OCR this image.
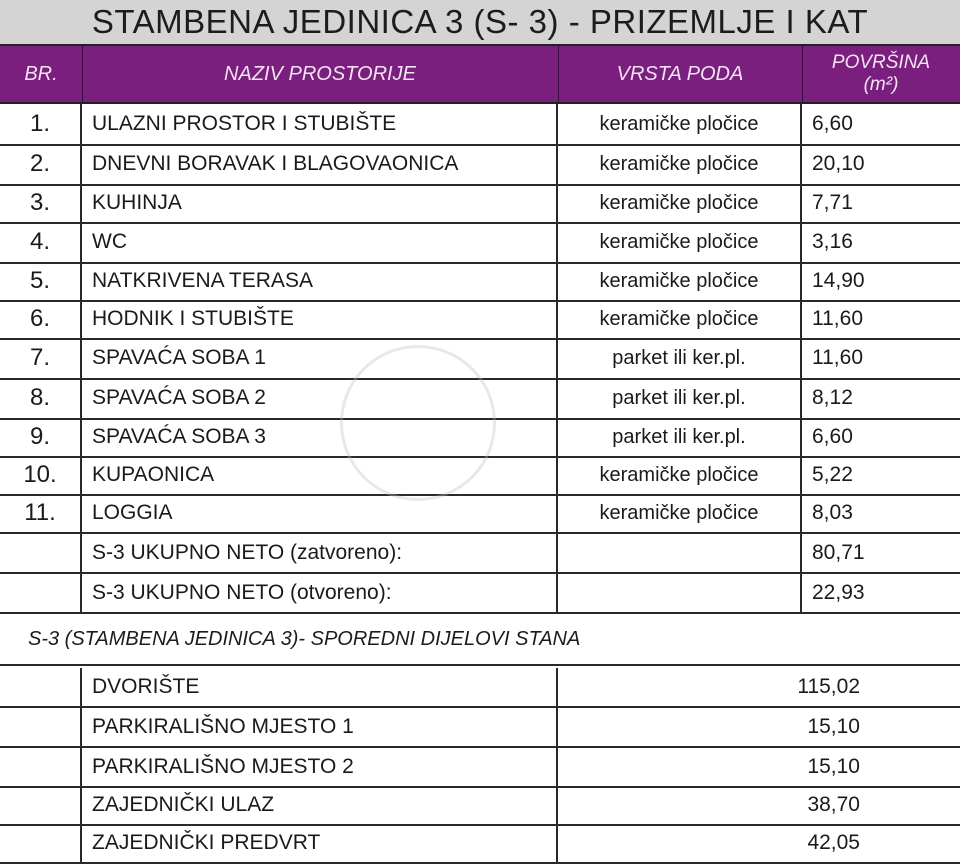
STAMBENA JEDINICA 3 (S- 3) - PRIZEMLJE I KAT
BR.	NAZIV PROSTORIJE	VRSTA PODA	POVRŠINA
(m²)
1.	ULAZNI PROSTOR I STUBIŠTE	keramičke pločice	6,60
2.	DNEVNI BORAVAK I BLAGOVAONICA	keramičke pločice	20,10
3.	KUHINJA	keramičke pločice	7,71
4.	WC	keramičke pločice	3,16
5.	NATKRIVENA TERASA	keramičke pločice	14,90
6.	HODNIK I STUBIŠTE	keramičke pločice	11,60
7.	SPAVAĆA SOBA 1	parket ili ker.pl.	11,60
8.	SPAVAĆA SOBA 2	parket ili ker.pl.	8,12
9.	SPAVAĆA SOBA 3	parket ili ker.pl.	6,60
10.	KUPAONICA	keramičke pločice	5,22
11.	LOGGIA	keramičke pločice	8,03
S-3 UKUPNO NETO (zatvoreno):	80,71
S-3 UKUPNO NETO (otvoreno):	22,93
S-3 (STAMBENA JEDINICA 3)- SPOREDNI DIJELOVI STANA
DVORIŠTE	115,02
PARKIRALIŠNO MJESTO 1	15,10
PARKIRALIŠNO MJESTO 2	15,10
ZAJEDNIČKI ULAZ	38,70
ZAJEDNIČKI PREDVRT	42,05
